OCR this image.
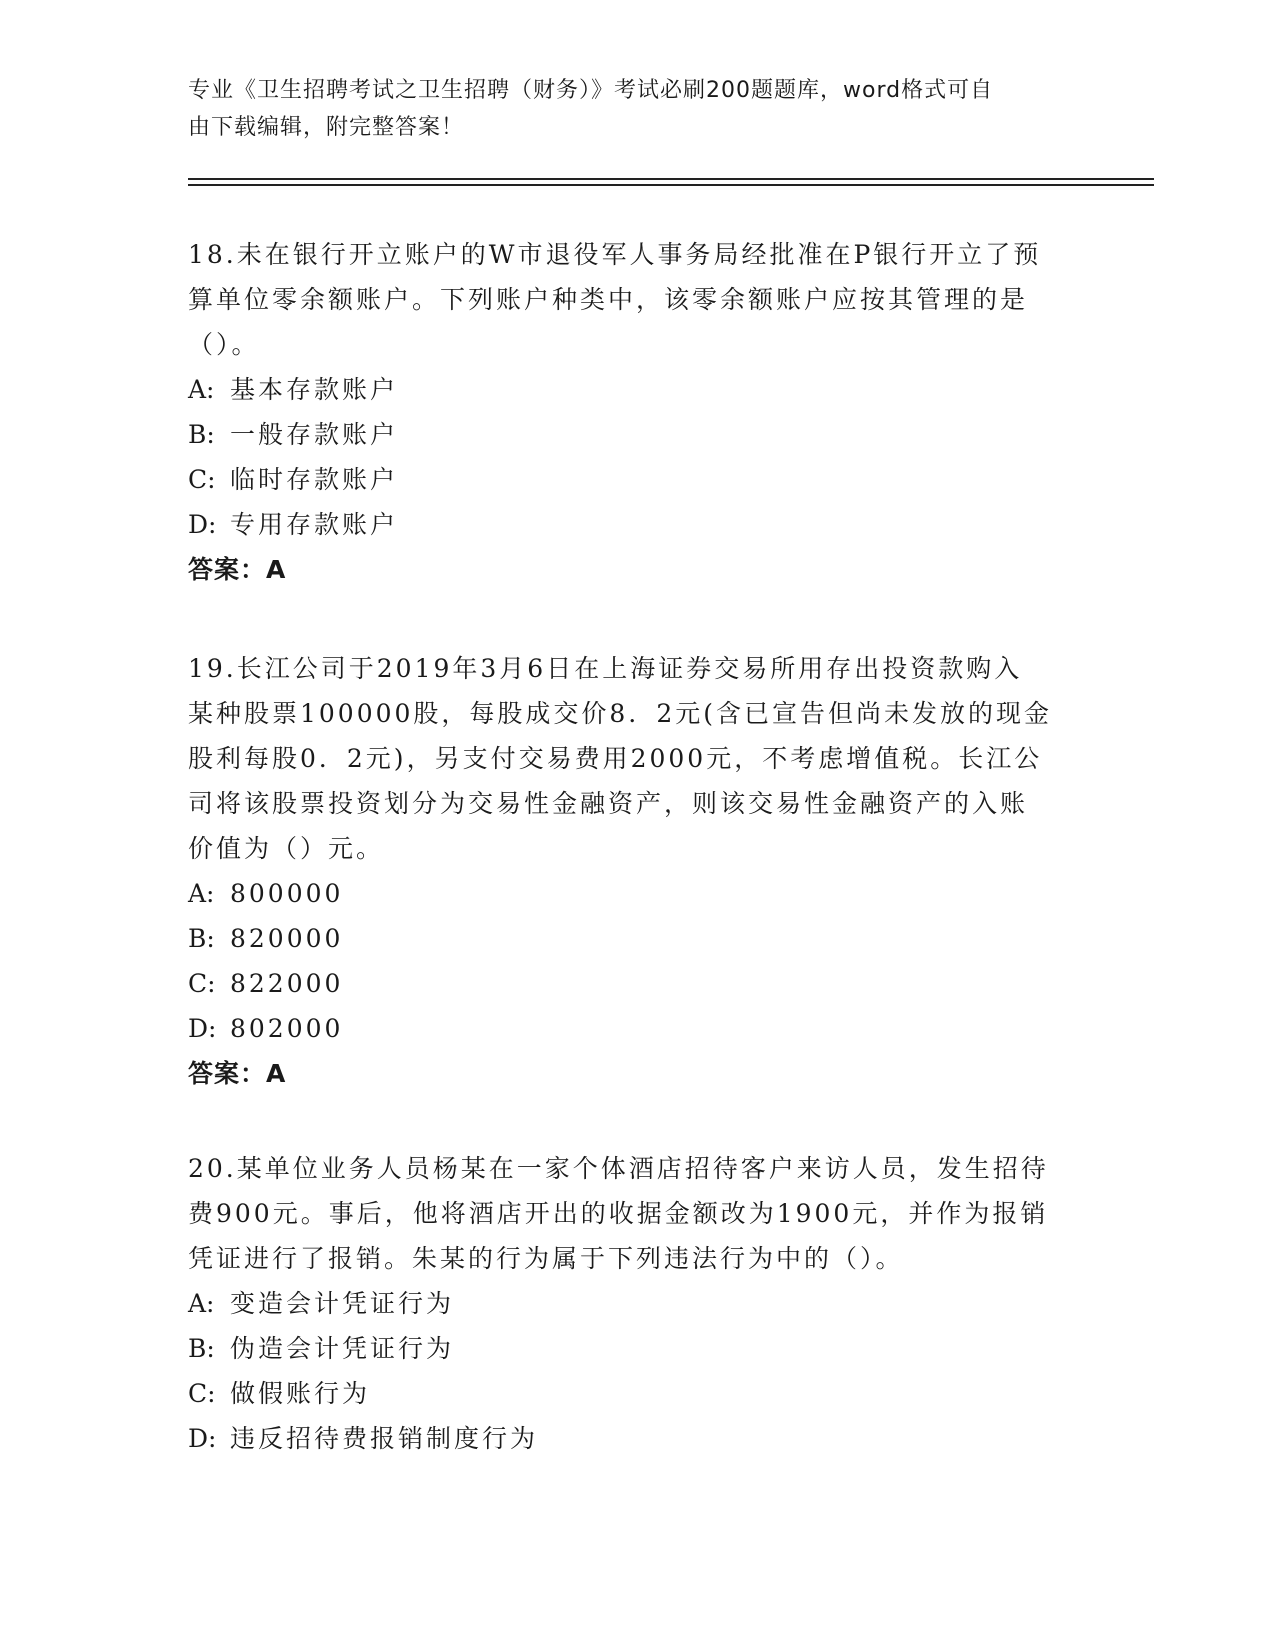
专业《卫生招聘考试之卫生招聘（财务）》考试必刷200题题库，word格式可自
由下载编辑，附完整答案！
18.未在银行开立账户的W市退役军人事务局经批准在P银行开立了预
算单位零余额账户。下列账户种类中，该零余额账户应按其管理的是
（）。
A: 基本存款账户
B: 一般存款账户
C: 临时存款账户
D: 专用存款账户
答案：A
19.长江公司于2019年3月6日在上海证券交易所用存出投资款购入
某种股票100000股，每股成交价8．2元(含已宣告但尚未发放的现金
股利每股0．2元)，另支付交易费用2000元，不考虑增值税。长江公
司将该股票投资划分为交易性金融资产，则该交易性金融资产的入账
价值为（）元。
A: 800000
B: 820000
C: 822000
D: 802000
答案：A
20.某单位业务人员杨某在一家个体酒店招待客户来访人员，发生招待
费900元。事后，他将酒店开出的收据金额改为1900元，并作为报销
凭证进行了报销。朱某的行为属于下列违法行为中的（）。
A: 变造会计凭证行为
B: 伪造会计凭证行为
C: 做假账行为
D: 违反招待费报销制度行为
